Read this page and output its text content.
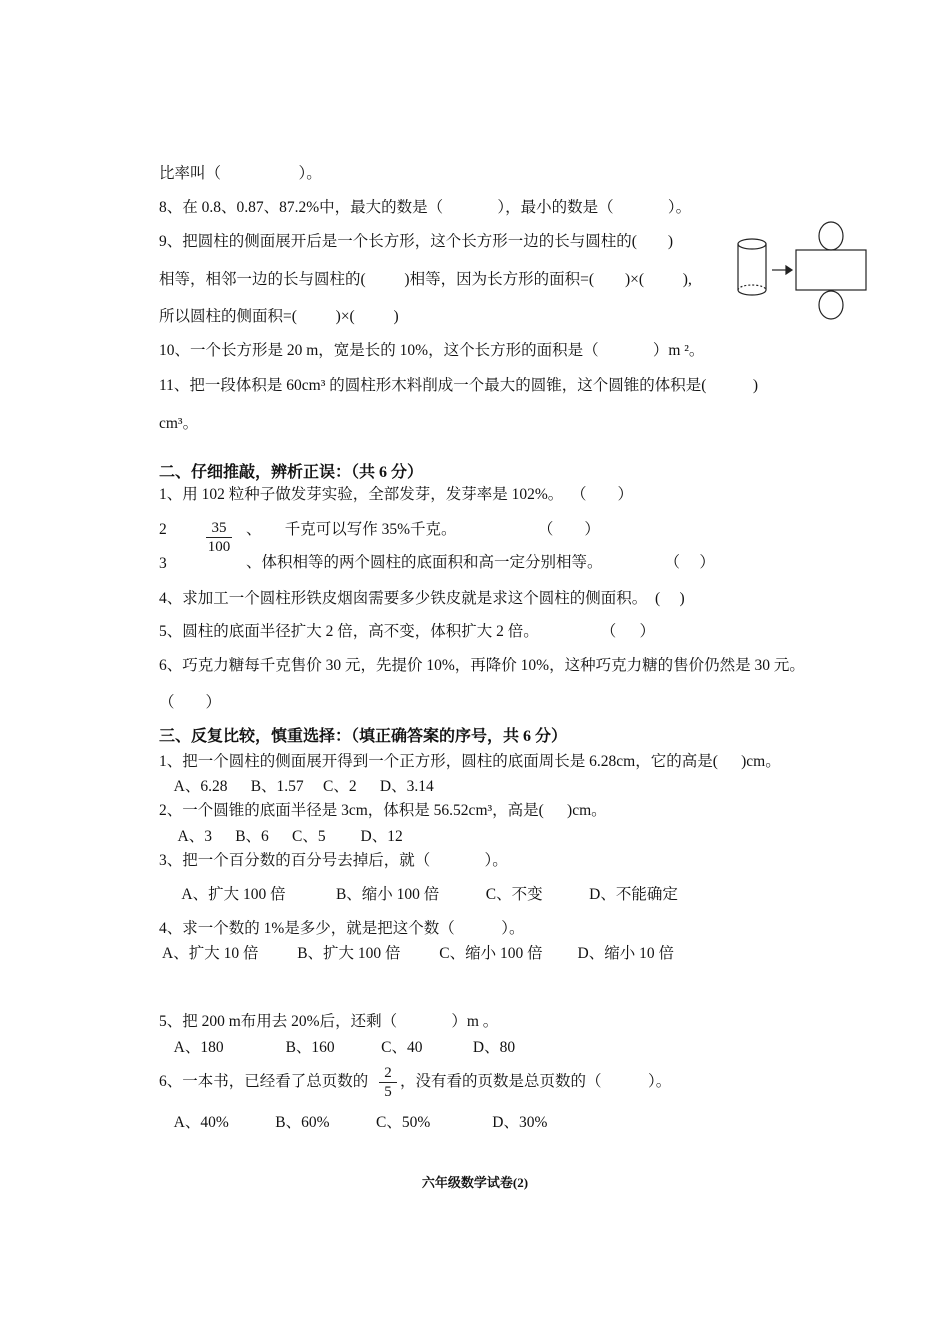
比率叫（                    ）。
8、在 0.8、0.87、87.2%中，最大的数是（              ），最小的数是（              ）。
9、把圆柱的侧面展开后是一个长方形，这个长方形一边的长与圆柱的(        )
相等，相邻一边的长与圆柱的(          )相等，因为长方形的面积=(        )×(          ),
所以圆柱的侧面积=(          )×(          )
10、一个长方形是 20 m，宽是长的 10%，这个长方形的面积是（              ）m ²。
11、把一段体积是 60cm³ 的圆柱形木料削成一个最大的圆锥，这个圆锥的体积是(            )
cm³。
二、仔细推敲，辨析正误：（共 6 分）
1、用 102 粒种子做发芽实验，全部发芽，发芽率是 102%。  （        ）
2	$\frac{35}{100}$ 、      千克可以写作 35%千克。                     （        ）
3	、体积相等的两个圆柱的底面积和高一定分别相等。                （     ）
4、求加工一个圆柱形铁皮烟囱需要多少铁皮就是求这个圆柱的侧面积。  (     )
5、圆柱的底面半径扩大 2 倍，高不变，体积扩大 2 倍。                （      ）
6、巧克力糖每千克售价 30 元，先提价 10%，再降价 10%，这种巧克力糖的售价仍然是 30 元。
（        ）
三、反复比较，慎重选择：（填正确答案的序号，共 6 分）
1、把一个圆柱的侧面展开得到一个正方形，圆柱的底面周长是 6.28cm，它的高是(      )cm。
A、6.28      B、1.57     C、2      D、3.14
2、一个圆锥的底面半径是 3cm，体积是 56.52cm³，高是(      )cm。
A、3      B、6      C、5         D、12
3、把一个百分数的百分号去掉后，就（              ）。
A、扩大 100 倍             B、缩小 100 倍            C、不变            D、不能确定
4、求一个数的 1%是多少，就是把这个数（            ）。
A、扩大 10 倍          B、扩大 100 倍          C、缩小 100 倍         D、缩小 10 倍
5、把 200 m布用去 20%后，还剩（              ）m 。
A、180                B、160            C、40             D、80
6、一本书，已经看了总页数的 $\frac{2}{5}$ ，没有看的页数是总页数的（            ）。
A、40%            B、60%            C、50%                D、30%
六年级数学试卷(2)
